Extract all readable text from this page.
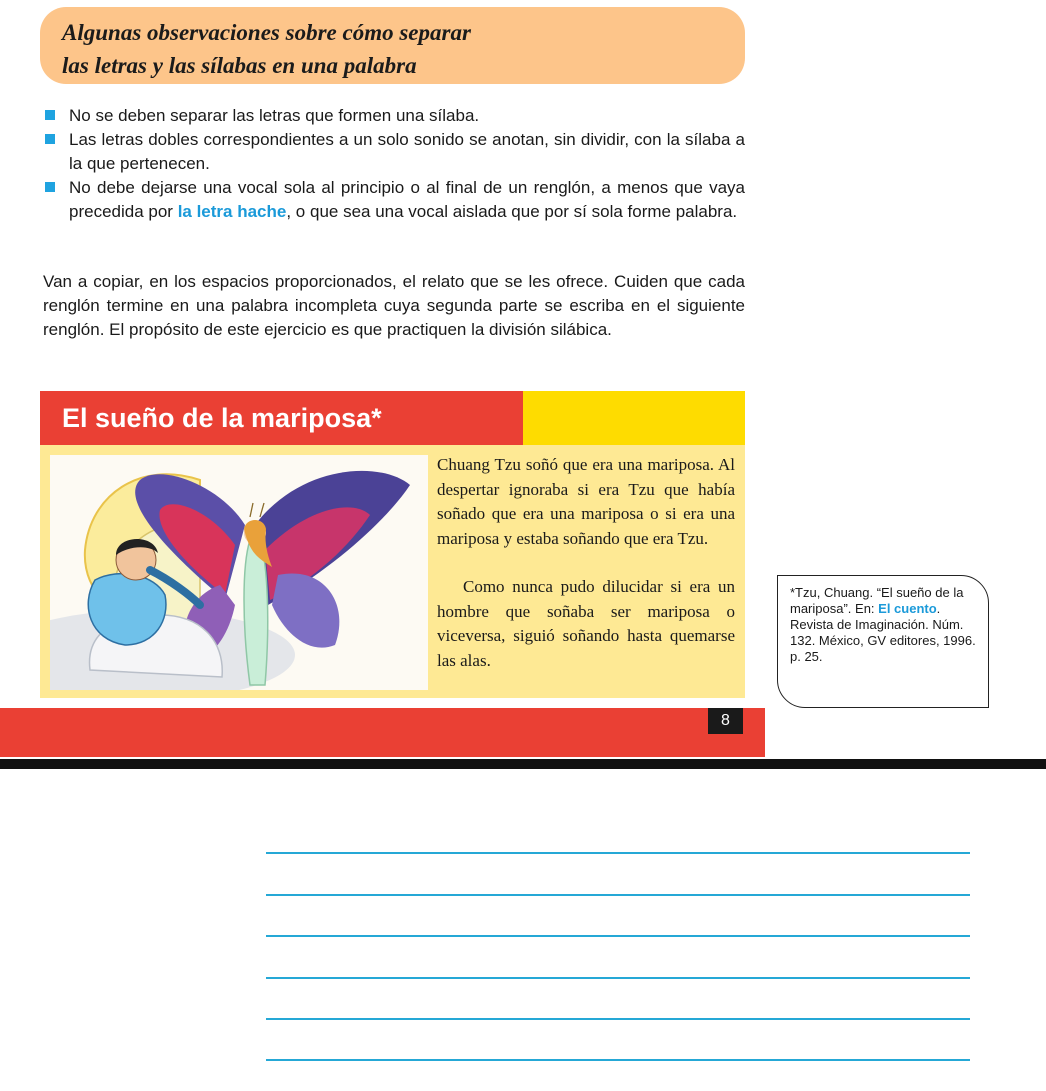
Algunas observaciones sobre cómo separar
las letras y las sílabas en una palabra
No se deben separar las letras que formen una sílaba.
Las letras dobles correspondientes a un solo sonido se anotan, sin dividir, con la sílaba a la que pertenecen.
No debe dejarse una vocal sola al principio o al final de un renglón, a menos que vaya precedida por la letra hache, o que sea una vocal aislada que por sí sola forme palabra.

Van a copiar, en los espacios proporcionados, el relato que se les ofrece. Cuiden que cada renglón termine en una palabra incompleta cuya segunda parte se escriba en el siguiente renglón. El propósito de este ejercicio es que practiquen la división silábica.

El sueño de la mariposa*

Chuang Tzu soñó que era una mariposa. Al despertar ignoraba si era Tzu que había soñado que era una mariposa o si era una mariposa y estaba soñando que era Tzu.

Como nunca pudo dilucidar si era un hombre que soñaba ser mariposa o viceversa, siguió soñando hasta quemarse las alas.

*Tzu, Chuang. “El sueño de la mariposa”. En: El cuento. Revista de Imaginación. Núm. 132. México, GV editores, 1996. p. 25.
8
